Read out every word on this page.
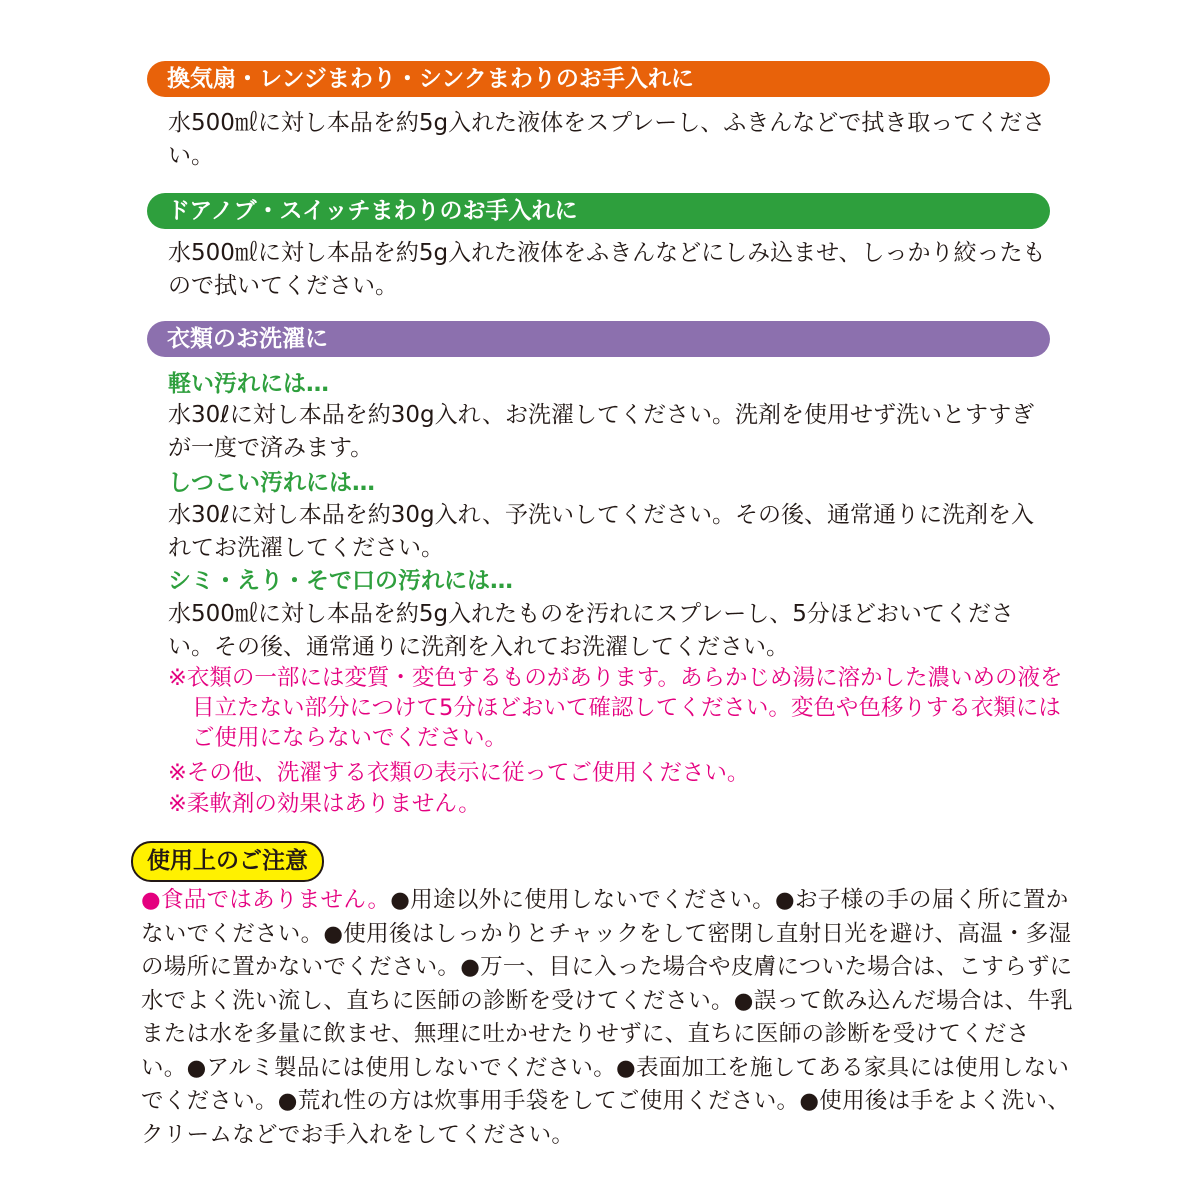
換気扇・レンジまわり・シンクまわりのお手入れに

水500㎖に対し本品を約5g入れた液体をスプレーし、ふきんなどで拭き取ってください。

ドアノブ・スイッチまわりのお手入れに

水500㎖に対し本品を約5g入れた液体をふきんなどにしみ込ませ、しっかり絞ったもので拭いてください。

衣類のお洗濯に

軽い汚れには…

水30ℓに対し本品を約30g入れ、お洗濯してください。洗剤を使用せず洗いとすすぎが一度で済みます。

しつこい汚れには…

水30ℓに対し本品を約30g入れ、予洗いしてください。その後、通常通りに洗剤を入れてお洗濯してください。

シミ・えり・そで口の汚れには…

水500㎖に対し本品を約5g入れたものを汚れにスプレーし、5分ほどおいてください。その後、通常通りに洗剤を入れてお洗濯してください。

※衣類の一部には変質・変色するものがあります。あらかじめ湯に溶かした濃いめの液を目立たない部分につけて5分ほどおいて確認してください。変色や色移りする衣類にはご使用にならないでください。

※その他、洗濯する衣類の表示に従ってご使用ください。

※柔軟剤の効果はありません。

使用上のご注意

●食品ではありません。●用途以外に使用しないでください。●お子様の手の届く所に置かないでください。●使用後はしっかりとチャックをして密閉し直射日光を避け、高温・多湿の場所に置かないでください。●万一、目に入った場合や皮膚についた場合は、こすらずに水でよく洗い流し、直ちに医師の診断を受けてください。●誤って飲み込んだ場合は、牛乳または水を多量に飲ませ、無理に吐かせたりせずに、直ちに医師の診断を受けてください。●アルミ製品には使用しないでください。●表面加工を施してある家具には使用しないでください。●荒れ性の方は炊事用手袋をしてご使用ください。●使用後は手をよく洗い、クリームなどでお手入れをしてください。
